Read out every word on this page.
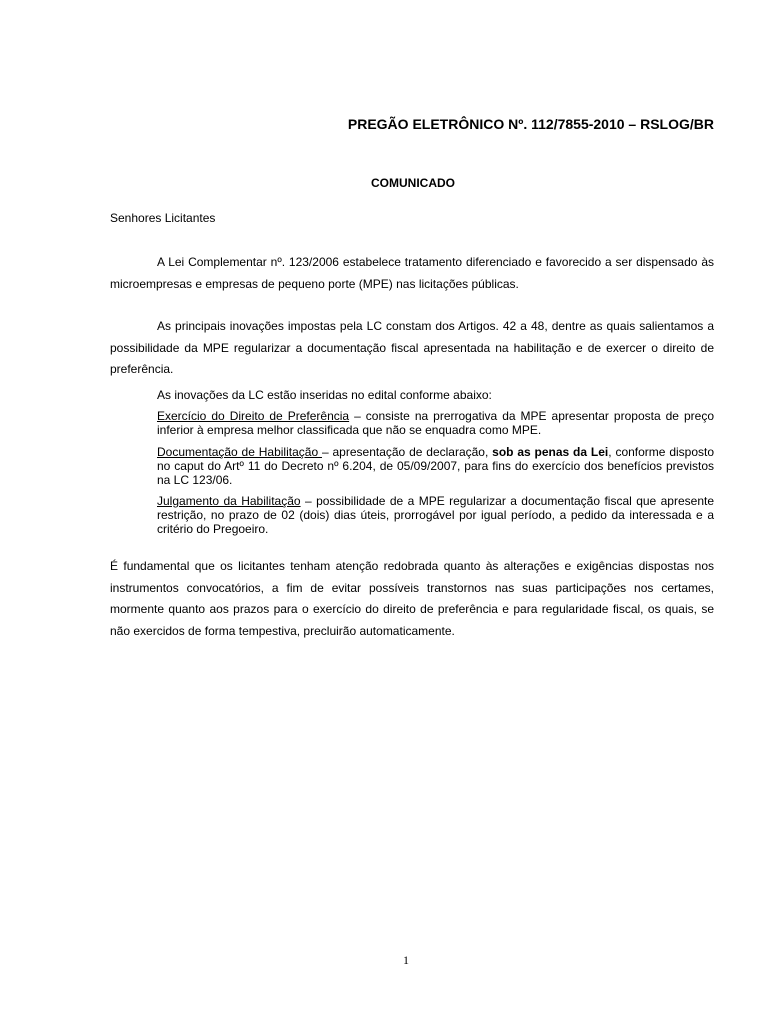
PREGÃO ELETRÔNICO Nº. 112/7855-2010 – RSLOG/BR
COMUNICADO
Senhores Licitantes

A Lei Complementar nº. 123/2006 estabelece tratamento diferenciado e favorecido a ser dispensado às microempresas e empresas de pequeno porte (MPE) nas licitações públicas.

As principais inovações impostas pela LC constam dos Artigos. 42 a 48, dentre as quais salientamos a possibilidade da MPE regularizar a documentação fiscal apresentada na habilitação e de exercer o direito de preferência.

As inovações da LC estão inseridas no edital conforme abaixo:

Exercício do Direito de Preferência – consiste na prerrogativa da MPE apresentar proposta de preço inferior à empresa melhor classificada que não se enquadra como MPE.

Documentação de Habilitação – apresentação de declaração, sob as penas da Lei, conforme disposto no caput do Artº 11 do Decreto nº 6.204, de 05/09/2007, para fins do exercício dos benefícios previstos na LC 123/06.

Julgamento da Habilitação – possibilidade de a MPE regularizar a documentação fiscal que apresente restrição, no prazo de 02 (dois) dias úteis, prorrogável por igual período, a pedido da interessada e a critério do Pregoeiro.

É fundamental que os licitantes tenham atenção redobrada quanto às alterações e exigências dispostas nos instrumentos convocatórios, a fim de evitar possíveis transtornos nas suas participações nos certames, mormente quanto aos prazos para o exercício do direito de preferência e para regularidade fiscal, os quais, se não exercidos de forma tempestiva, precluirão automaticamente.

1
